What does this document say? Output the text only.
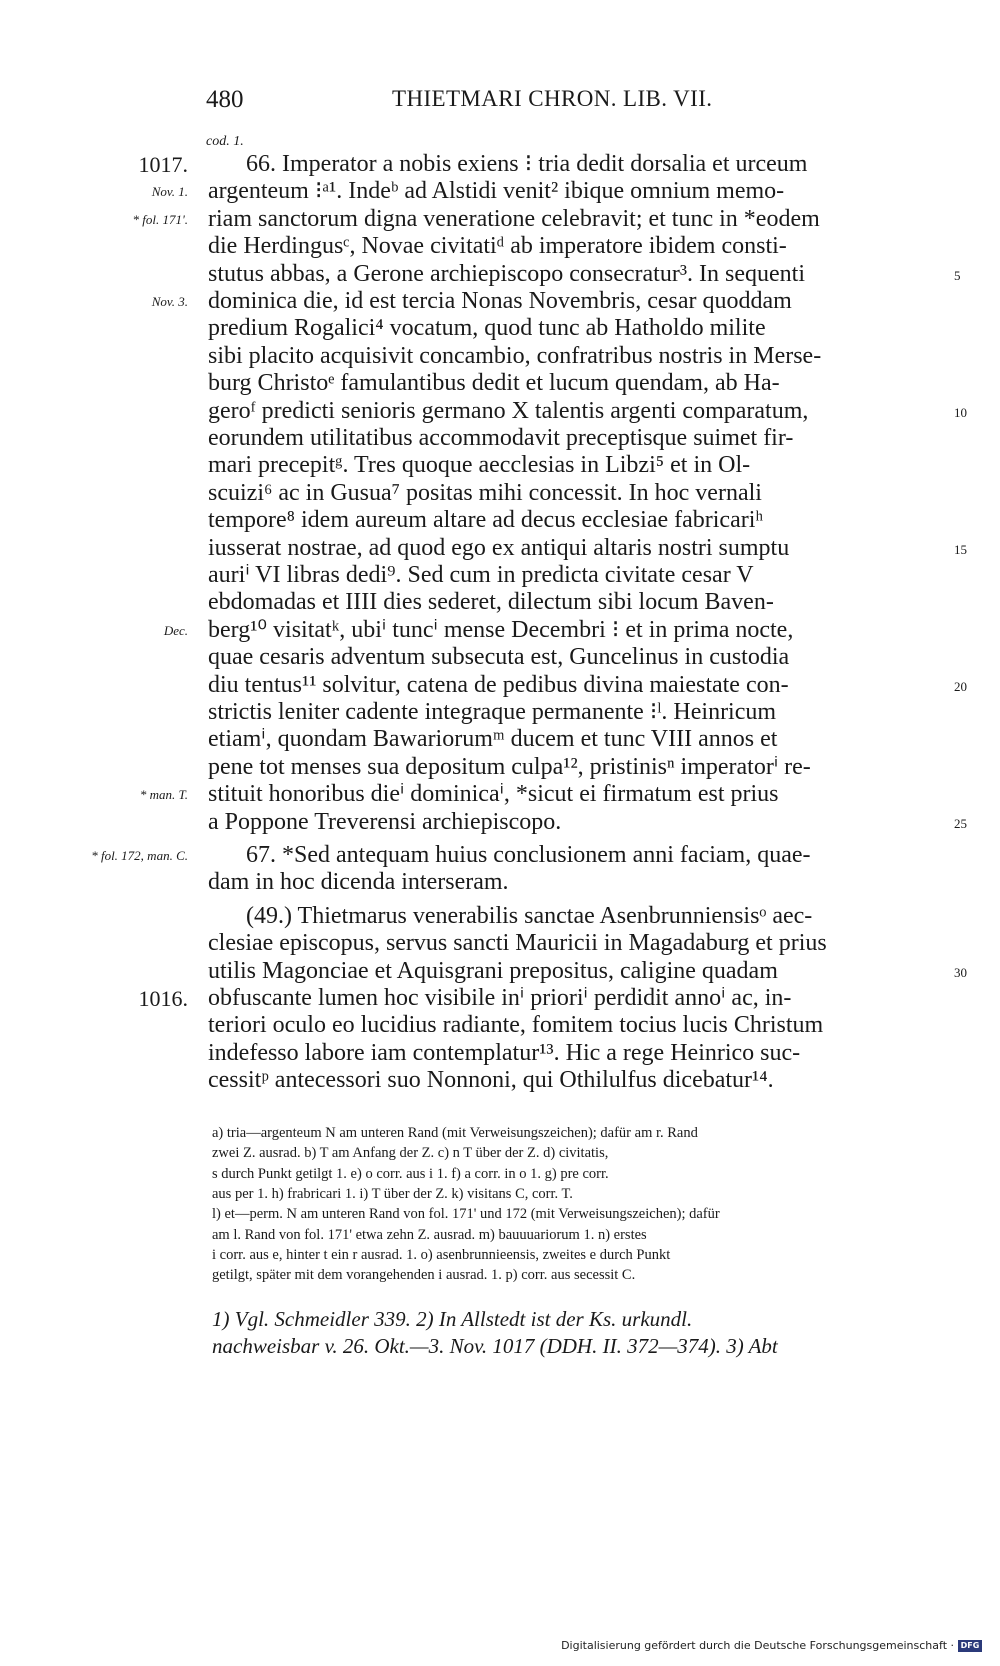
480	THIETMARI CHRON. LIB. VII.
cod. 1.
66. Imperator a nobis exiens ⁝ tria dedit dorsalia et urceum
argenteum ⁝ᵃ¹. Indeᵇ ad Alstidi venit² ibique omnium memo-
riam sanctorum digna veneratione celebravit; et tunc in *eodem
die Herdingusᶜ, Novae civitatiᵈ ab imperatore ibidem consti-
stutus abbas, a Gerone archiepiscopo consecratur³. In sequenti
dominica die, id est tercia Nonas Novembris, cesar quoddam
predium Rogalici⁴ vocatum, quod tunc ab Hatholdo milite
sibi placito acquisivit concambio, confratribus nostris in Merse-
burg Christoᵉ famulantibus dedit et lucum quendam, ab Ha-
geroᶠ predicti senioris germano X talentis argenti comparatum,
eorundem utilitatibus accommodavit preceptisque suimet fir-
mari precepitᵍ. Tres quoque aecclesias in Libzi⁵ et in Ol-
scuizi⁶ ac in Gusua⁷ positas mihi concessit. In hoc vernali
tempore⁸ idem aureum altare ad decus ecclesiae fabricariʰ
iusserat nostrae, ad quod ego ex antiqui altaris nostri sumptu
auriⁱ VI libras dedi⁹. Sed cum in predicta civitate cesar V
ebdomadas et IIII dies sederet, dilectum sibi locum Baven-
berg¹⁰ visitatᵏ, ubiⁱ tuncⁱ mense Decembri ⁝ et in prima nocte,
quae cesaris adventum subsecuta est, Guncelinus in custodia
diu tentus¹¹ solvitur, catena de pedibus divina maiestate con-
strictis leniter cadente integraque permanente ⁝ˡ. Heinricum
etiamⁱ, quondam Bawariorumᵐ ducem et tunc VIII annos et
pene tot menses sua depositum culpa¹², pristinisⁿ imperatorⁱ re-
stituit honoribus dieⁱ dominicaⁱ, *sicut ei firmatum est prius
a Poppone Treverensi archiepiscopo.
67. *Sed antequam huius conclusionem anni faciam, quae-
dam in hoc dicenda interseram.
(49.) Thietmarus venerabilis sanctae Asenbrunniensisᵒ aec-
clesiae episcopus, servus sancti Mauricii in Magadaburg et prius
utilis Magonciae et Aquisgrani prepositus, caligine quadam
obfuscante lumen hoc visibile inⁱ prioriⁱ perdidit annoⁱ ac, in-
teriori oculo eo lucidius radiante, fomitem tocius lucis Christum
indefesso labore iam contemplatur¹³. Hic a rege Heinrico suc-
cessitᵖ antecessori suo Nonnoni, qui Othilulfus dicebatur¹⁴.
1017.
Nov. 1.
* fol. 171'.
Nov. 3.
Dec.
* man. T.
* fol. 172, man. C.
1016.
5
10
15
20
25
30
a) tria—argenteum N am unteren Rand (mit Verweisungszeichen); dafür am r. Rand
zwei Z. ausrad. b) T am Anfang der Z. c) n T über der Z. d) civitatis,
s durch Punkt getilgt 1. e) o corr. aus i 1. f) a corr. in o 1. g) pre corr.
aus per 1. h) frabricari 1. i) T über der Z. k) visitans C, corr. T.
l) et—perm. N am unteren Rand von fol. 171' und 172 (mit Verweisungszeichen); dafür
am l. Rand von fol. 171' etwa zehn Z. ausrad. m) bauuuariorum 1. n) erstes
i corr. aus e, hinter t ein r ausrad. 1. o) asenbrunnieensis, zweites e durch Punkt
getilgt, später mit dem vorangehenden i ausrad. 1. p) corr. aus secessit C.
1) Vgl. Schmeidler 339. 2) In Allstedt ist der Ks. urkundl.
nachweisbar v. 26. Okt.—3. Nov. 1017 (DDH. II. 372—374). 3) Abt
Digitalisierung gefördert durch die Deutsche Forschungsgemeinschaft · DFG
